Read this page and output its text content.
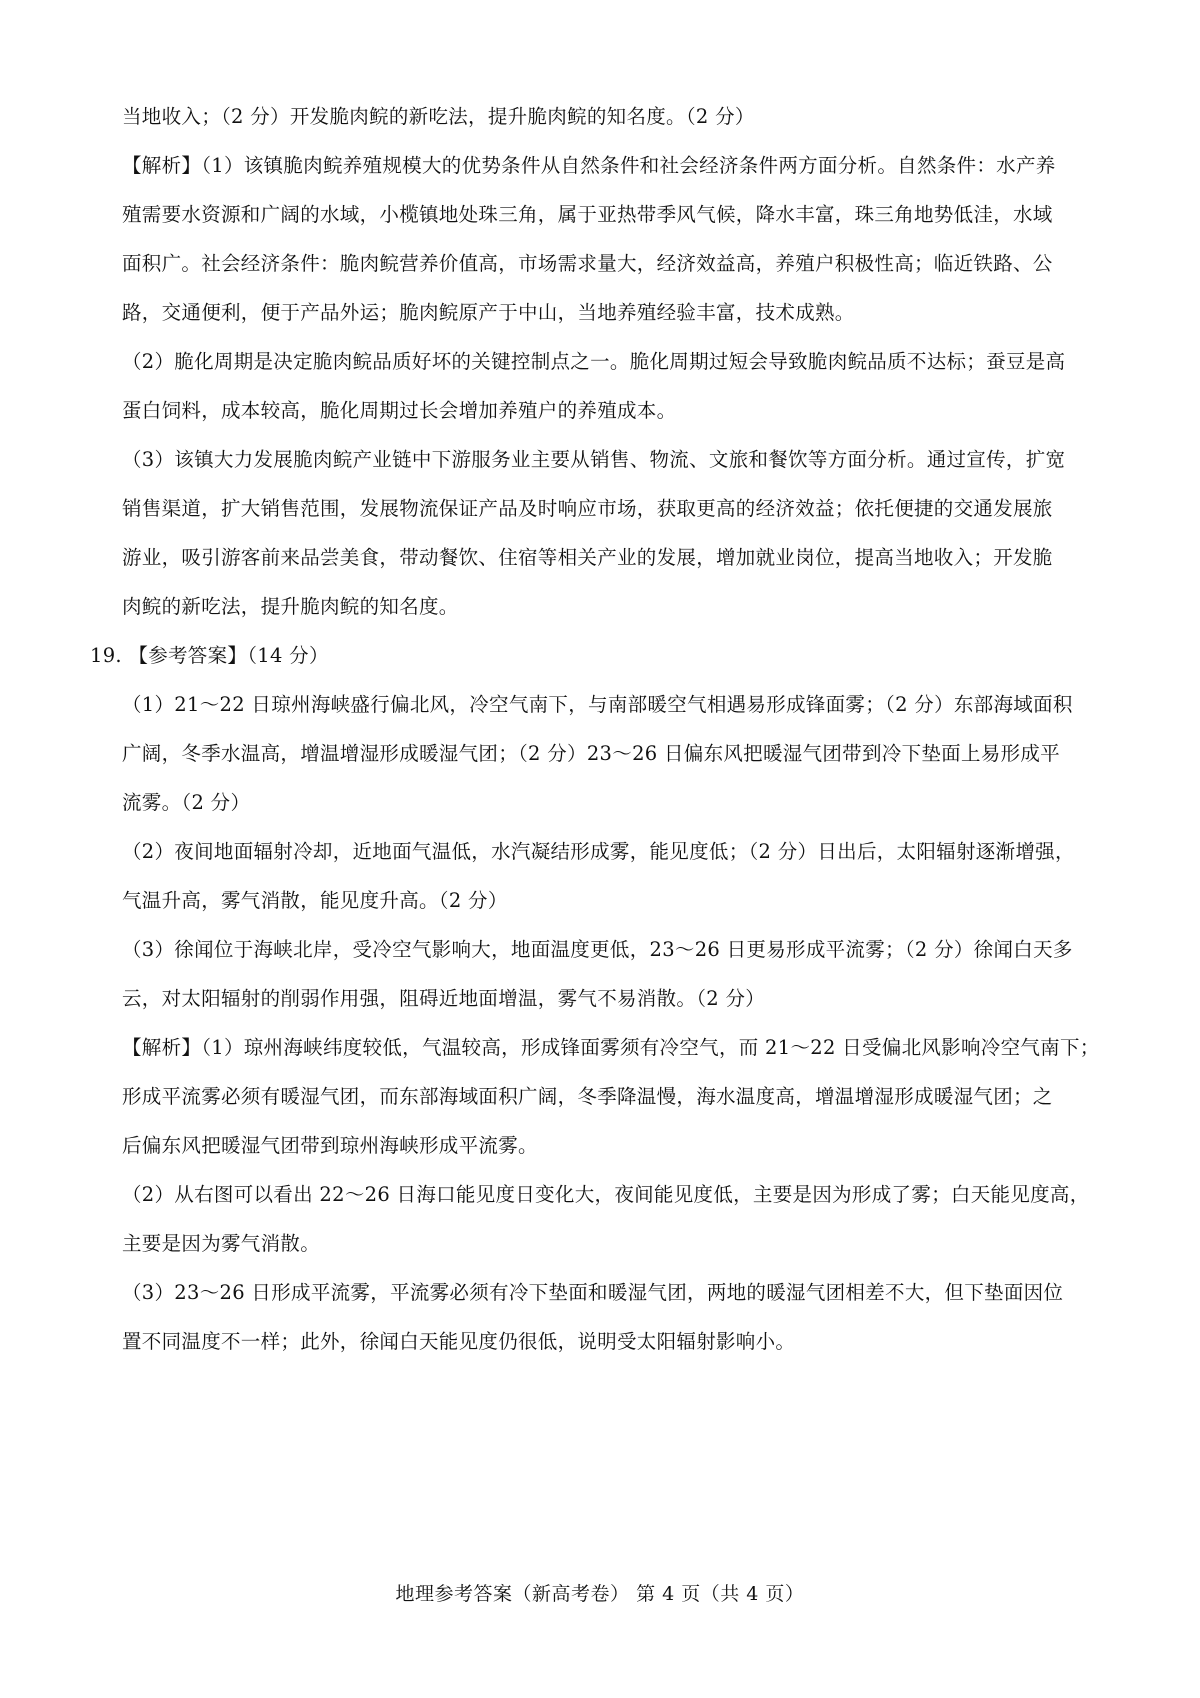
当地收入；（2 分）开发脆肉鲩的新吃法，提升脆肉鲩的知名度。（2 分）
【解析】（1）该镇脆肉鲩养殖规模大的优势条件从自然条件和社会经济条件两方面分析。自然条件：水产养
殖需要水资源和广阔的水域，小榄镇地处珠三角，属于亚热带季风气候，降水丰富，珠三角地势低洼，水域
面积广。社会经济条件：脆肉鲩营养价值高，市场需求量大，经济效益高，养殖户积极性高；临近铁路、公
路，交通便利，便于产品外运；脆肉鲩原产于中山，当地养殖经验丰富，技术成熟。
（2）脆化周期是决定脆肉鲩品质好坏的关键控制点之一。脆化周期过短会导致脆肉鲩品质不达标；蚕豆是高
蛋白饲料，成本较高，脆化周期过长会增加养殖户的养殖成本。
（3）该镇大力发展脆肉鲩产业链中下游服务业主要从销售、物流、文旅和餐饮等方面分析。通过宣传，扩宽
销售渠道，扩大销售范围，发展物流保证产品及时响应市场，获取更高的经济效益；依托便捷的交通发展旅
游业，吸引游客前来品尝美食，带动餐饮、住宿等相关产业的发展，增加就业岗位，提高当地收入；开发脆
肉鲩的新吃法，提升脆肉鲩的知名度。
19. 【参考答案】（14 分）
（1）21～22 日琼州海峡盛行偏北风，冷空气南下，与南部暖空气相遇易形成锋面雾；（2 分）东部海域面积
广阔，冬季水温高，增温增湿形成暖湿气团；（2 分）23～26 日偏东风把暖湿气团带到冷下垫面上易形成平
流雾。（2 分）
（2）夜间地面辐射冷却，近地面气温低，水汽凝结形成雾，能见度低；（2 分）日出后，太阳辐射逐渐增强，
气温升高，雾气消散，能见度升高。（2 分）
（3）徐闻位于海峡北岸，受冷空气影响大，地面温度更低，23～26 日更易形成平流雾；（2 分）徐闻白天多
云，对太阳辐射的削弱作用强，阻碍近地面增温，雾气不易消散。（2 分）
【解析】（1）琼州海峡纬度较低，气温较高，形成锋面雾须有冷空气，而 21～22 日受偏北风影响冷空气南下；
形成平流雾必须有暖湿气团，而东部海域面积广阔，冬季降温慢，海水温度高，增温增湿形成暖湿气团；之
后偏东风把暖湿气团带到琼州海峡形成平流雾。
（2）从右图可以看出 22～26 日海口能见度日变化大，夜间能见度低，主要是因为形成了雾；白天能见度高，
主要是因为雾气消散。
（3）23～26 日形成平流雾，平流雾必须有冷下垫面和暖湿气团，两地的暖湿气团相差不大，但下垫面因位
置不同温度不一样；此外，徐闻白天能见度仍很低，说明受太阳辐射影响小。
地理参考答案（新高考卷） 第 4 页（共 4 页）
